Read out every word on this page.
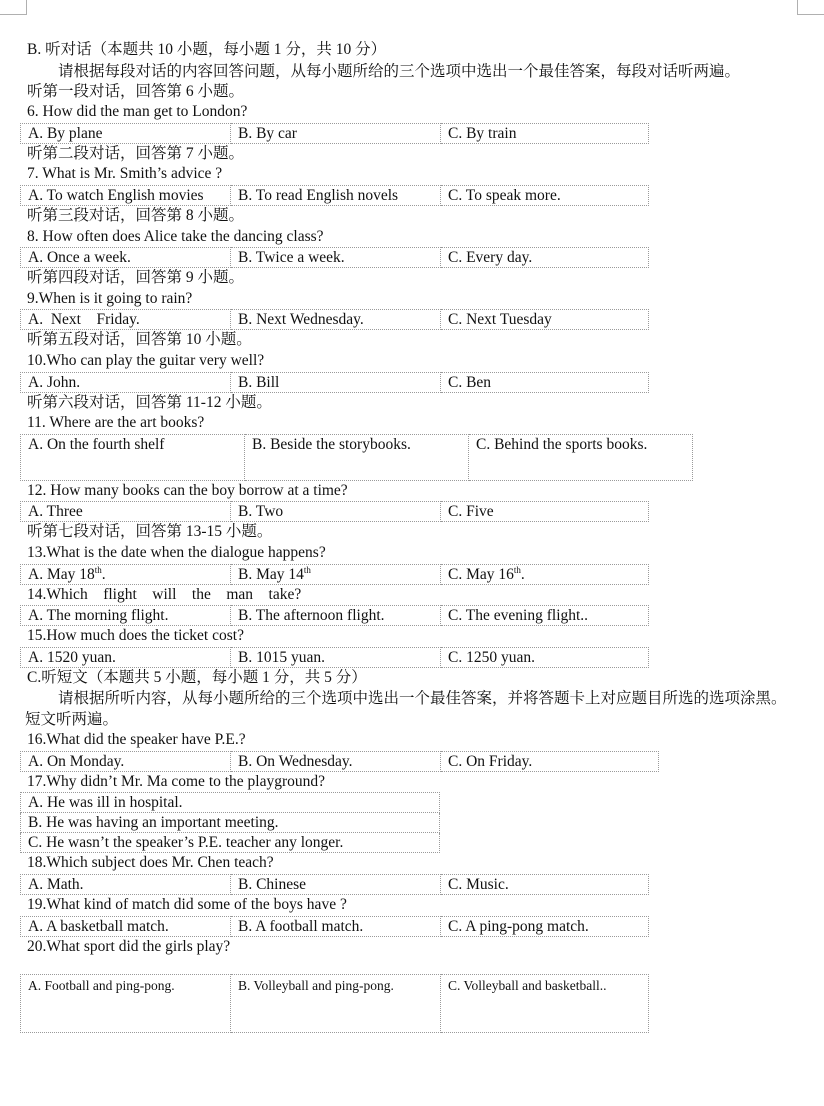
B. 听对话（本题共 10 小题，每小题 1 分，共 10 分）
请根据每段对话的内容回答问题，从每小题所给的三个选项中选出一个最佳答案，每段对话听两遍。
听第一段对话，回答第 6 小题。
6. How did the man get to London?
A. By plane	B. By car	C. By train
听第二段对话，回答第 7 小题。
7. What is Mr. Smith’s advice ?
A. To watch English movies	B. To read English novels	C. To speak more.
听第三段对话，回答第 8 小题。
8. How often does Alice take the dancing class?
A. Once a week.	B. Twice a week.	C. Every day.
听第四段对话，回答第 9 小题。
9.When is it going to rain?
A.  Next    Friday.	B. Next Wednesday.	C. Next Tuesday
听第五段对话，回答第 10 小题。
10.Who can play the guitar very well?
A. John.	B. Bill	C. Ben
听第六段对话，回答第 11-12 小题。
11. Where are the art books?
A. On the fourth shelf	B. Beside the storybooks.	C. Behind the sports books.
12. How many books can the boy borrow at a time?
A. Three	B. Two	C. Five
听第七段对话，回答第 13-15 小题。
13.What is the date when the dialogue happens?
A. May 18th.	B. May 14th	C. May 16th.
14.Which    flight    will    the    man    take?
A. The morning flight.	B. The afternoon flight.	C. The evening flight..
15.How much does the ticket cost?
A. 1520 yuan.	B. 1015 yuan.	C. 1250 yuan.
C.听短文（本题共 5 小题，每小题 1 分，共 5 分）
请根据所听内容，从每小题所给的三个选项中选出一个最佳答案，并将答题卡上对应题目所选的选项涂黑。短文听两遍。
16.What did the speaker have P.E.?
A. On Monday.	B. On Wednesday.	C. On Friday.
17.Why didn’t Mr. Ma come to the playground?
A. He was ill in hospital.
B. He was having an important meeting.
C. He wasn’t the speaker’s P.E. teacher any longer.
18.Which subject does Mr. Chen teach?
A. Math.	B. Chinese	C. Music.
19.What kind of match did some of the boys have ?
A. A basketball match.	B. A football match.	C. A ping-pong match.
20.What sport did the girls play?
A. Football and ping-pong.	B. Volleyball and ping-pong.	C. Volleyball and basketball..
